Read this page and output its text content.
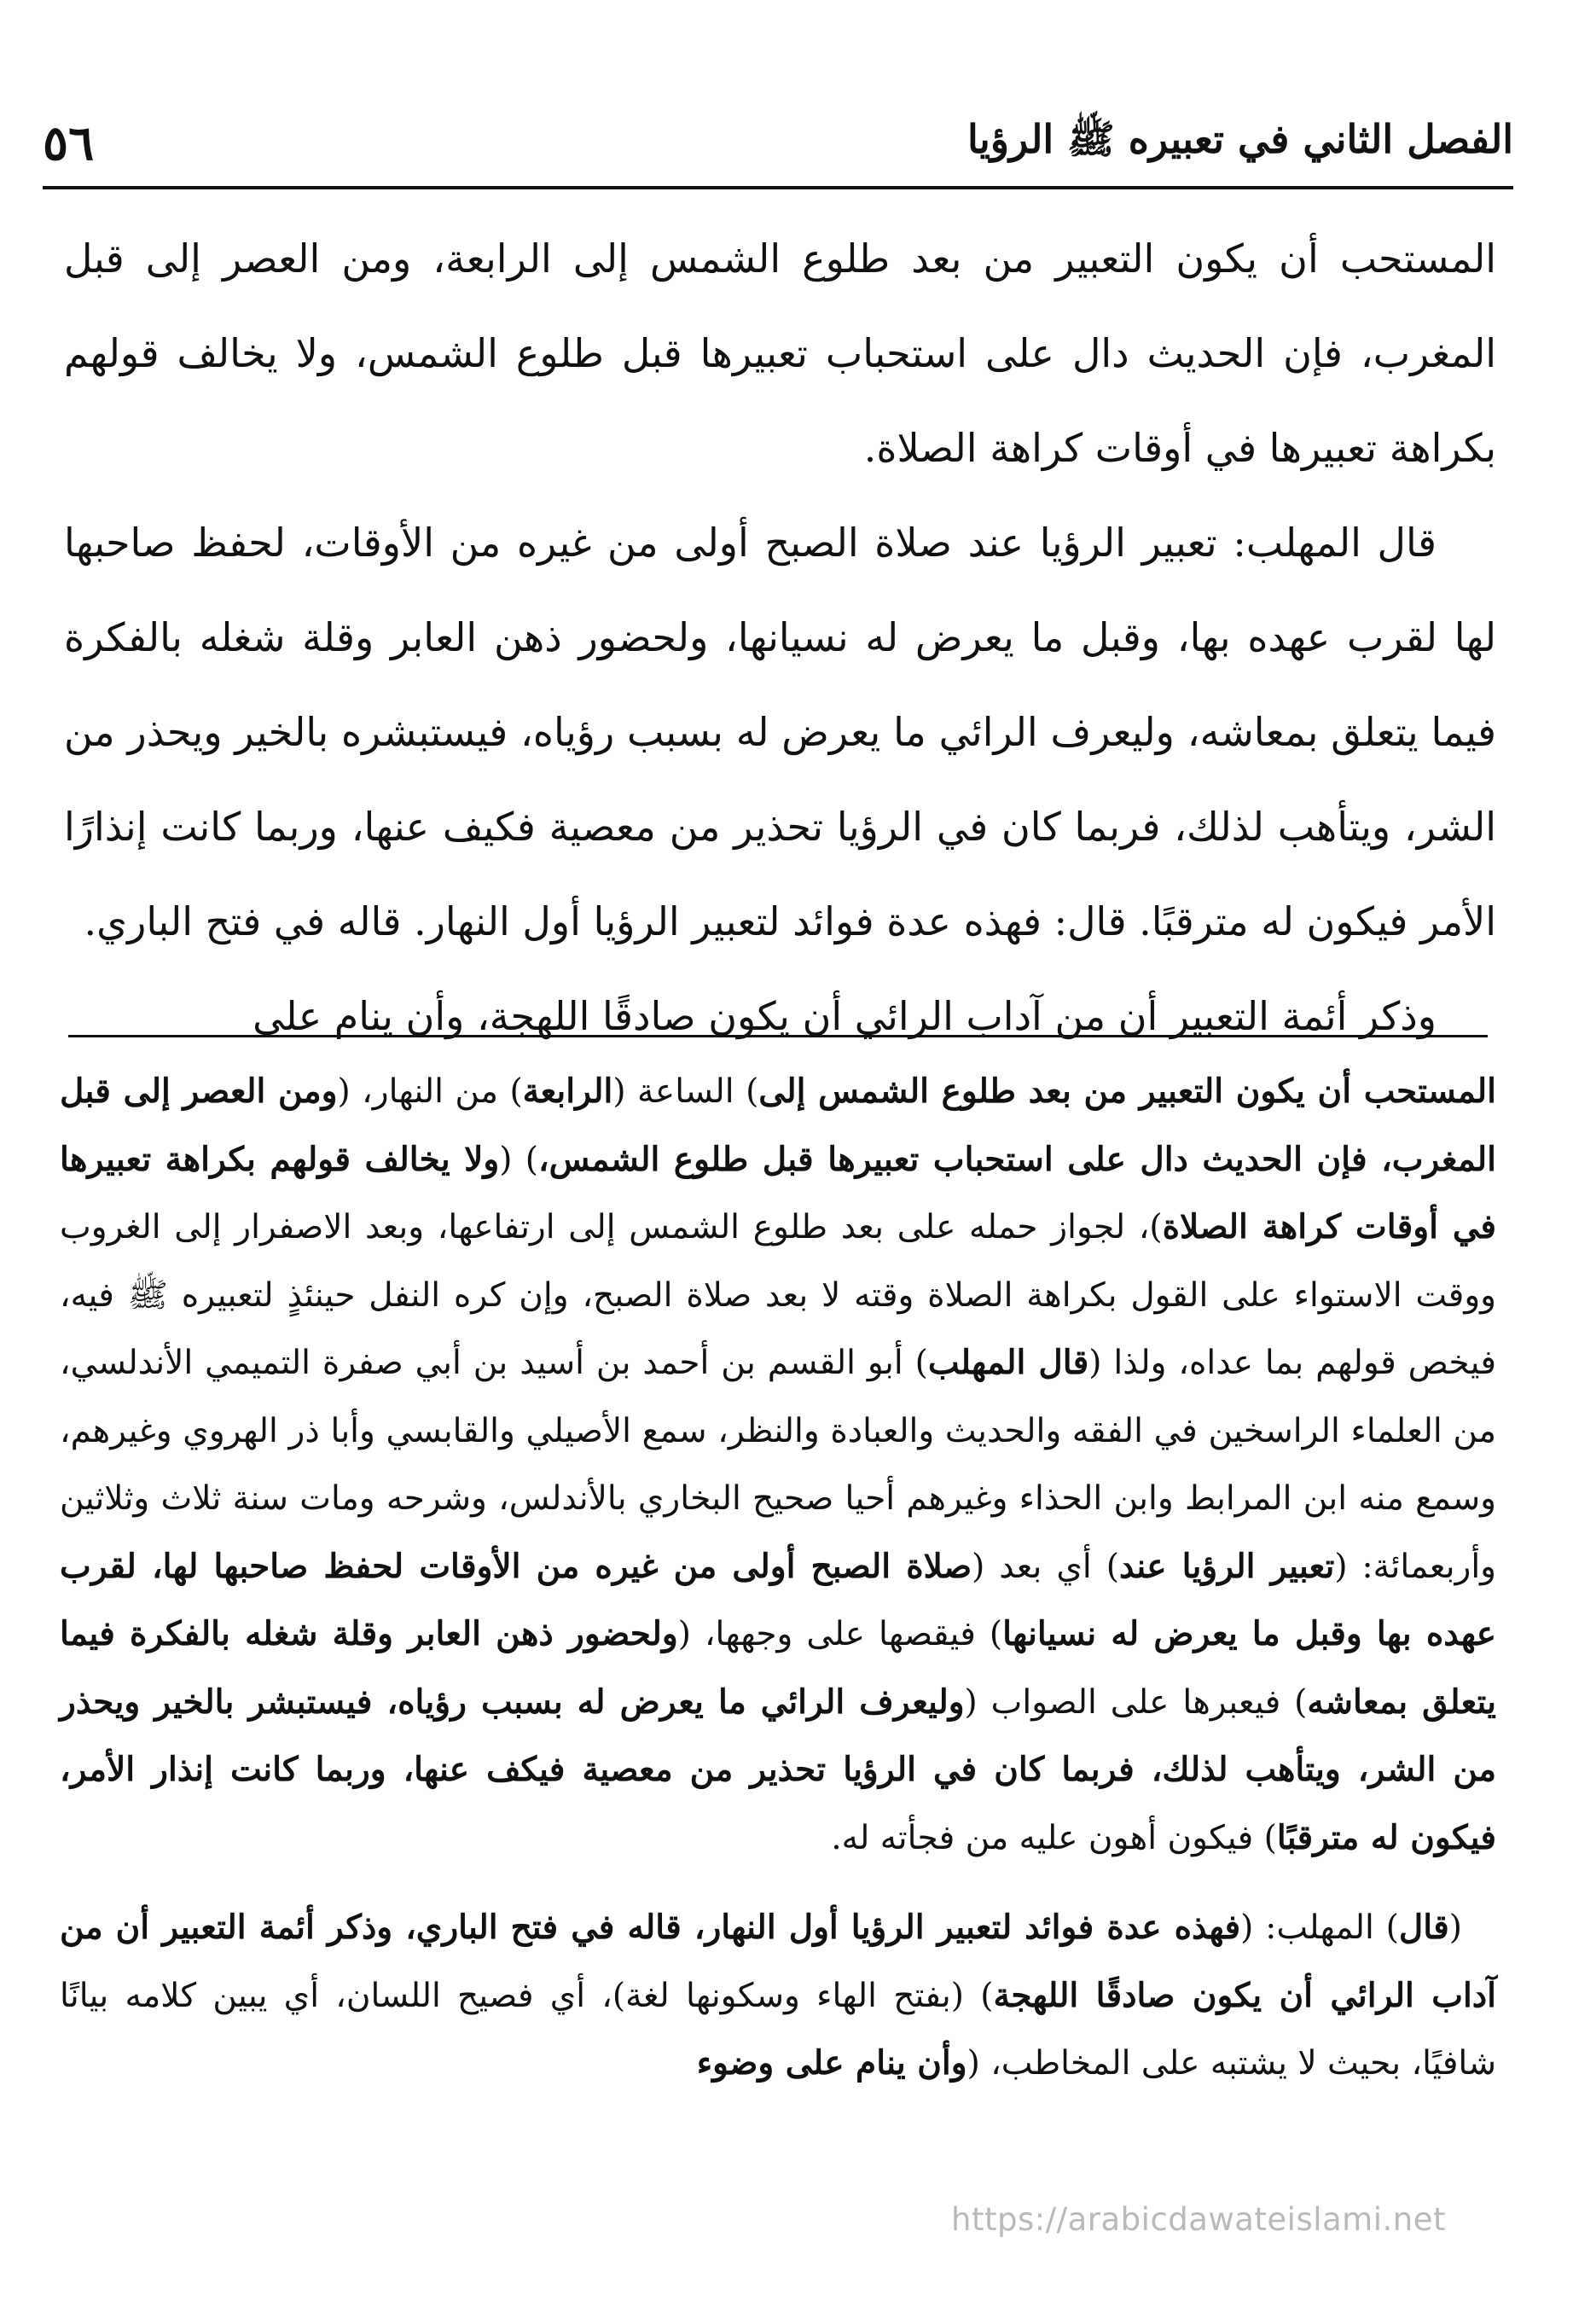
الفصل الثاني في تعبيره ﷺ الرؤيا
٥٦

المستحب أن يكون التعبير من بعد طلوع الشمس إلى الرابعة، ومن العصر إلى قبل المغرب، فإن الحديث دال على استحباب تعبيرها قبل طلوع الشمس، ولا يخالف قولهم بكراهة تعبيرها في أوقات كراهة الصلاة.

قال المهلب: تعبير الرؤيا عند صلاة الصبح أولى من غيره من الأوقات، لحفظ صاحبها لها لقرب عهده بها، وقبل ما يعرض له نسيانها، ولحضور ذهن العابر وقلة شغله بالفكرة فيما يتعلق بمعاشه، وليعرف الرائي ما يعرض له بسبب رؤياه، فيستبشره بالخير ويحذر من الشر، ويتأهب لذلك، فربما كان في الرؤيا تحذير من معصية فكيف عنها، وربما كانت إنذارًا الأمر فيكون له مترقبًا. قال: فهذه عدة فوائد لتعبير الرؤيا أول النهار. قاله في فتح الباري.

وذكر أئمة التعبير أن من آداب الرائي أن يكون صادقًا اللهجة، وأن ينام على

المستحب أن يكون التعبير من بعد طلوع الشمس إلى) الساعة (الرابعة) من النهار، (ومن العصر إلى قبل المغرب، فإن الحديث دال على استحباب تعبيرها قبل طلوع الشمس،) (ولا يخالف قولهم بكراهة تعبيرها في أوقات كراهة الصلاة)، لجواز حمله على بعد طلوع الشمس إلى ارتفاعها، وبعد الاصفرار إلى الغروب ووقت الاستواء على القول بكراهة الصلاة وقته لا بعد صلاة الصبح، وإن كره النفل حينئذٍ لتعبيره ﷺ فيه، فيخص قولهم بما عداه، ولذا (قال المهلب) أبو القسم بن أحمد بن أسيد بن أبي صفرة التميمي الأندلسي، من العلماء الراسخين في الفقه والحديث والعبادة والنظر، سمع الأصيلي والقابسي وأبا ذر الهروي وغيرهم، وسمع منه ابن المرابط وابن الحذاء وغيرهم أحيا صحيح البخاري بالأندلس، وشرحه ومات سنة ثلاث وثلاثين وأربعمائة: (تعبير الرؤيا عند) أي بعد (صلاة الصبح أولى من غيره من الأوقات لحفظ صاحبها لها، لقرب عهده بها وقبل ما يعرض له نسيانها) فيقصها على وجهها، (ولحضور ذهن العابر وقلة شغله بالفكرة فيما يتعلق بمعاشه) فيعبرها على الصواب (وليعرف الرائي ما يعرض له بسبب رؤياه، فيستبشر بالخير ويحذر من الشر، ويتأهب لذلك، فربما كان في الرؤيا تحذير من معصية فيكف عنها، وربما كانت إنذار الأمر، فيكون له مترقبًا) فيكون أهون عليه من فجأته له.

(قال) المهلب: (فهذه عدة فوائد لتعبير الرؤيا أول النهار، قاله في فتح الباري، وذكر أئمة التعبير أن من آداب الرائي أن يكون صادقًا اللهجة) (بفتح الهاء وسكونها لغة)، أي فصيح اللسان، أي يبين كلامه بيانًا شافيًا، بحيث لا يشتبه على المخاطب، (وأن ينام على وضوء

https://arabicdawateislami.net
